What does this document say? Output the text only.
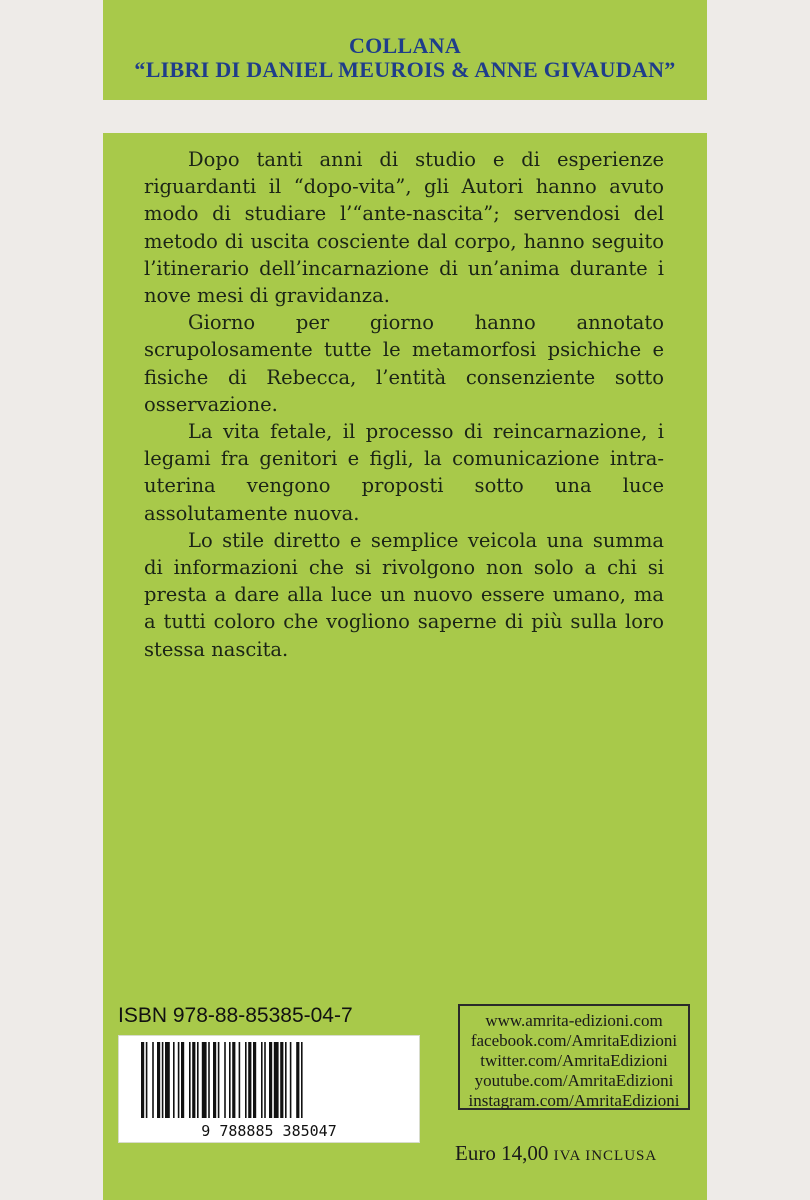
COLLANA
“LIBRI DI DANIEL MEUROIS & ANNE GIVAUDAN”

Dopo tanti anni di studio e di esperienze riguardanti il “dopo-vita”, gli Autori hanno avuto modo di studiare l’“ante-nascita”; servendosi del metodo di uscita cosciente dal corpo, hanno seguito l’itinerario dell’incarnazione di un’anima durante i nove mesi di gravidanza.

Giorno per giorno hanno annotato scrupolosamente tutte le metamorfosi psichiche e fisiche di Rebecca, l’entità consenziente sotto osservazione.

La vita fetale, il processo di reincarnazione, i legami fra genitori e figli, la comunicazione intra-uterina vengono proposti sotto una luce assolutamente nuova.

Lo stile diretto e semplice veicola una summa di informazioni che si rivolgono non solo a chi si presta a dare alla luce un nuovo essere umano, ma a tutti coloro che vogliono saperne di più sulla loro stessa nascita.

ISBN 978-88-85385-04-7
9 788885 385047
www.amrita-edizioni.com
facebook.com/AmritaEdizioni
twitter.com/AmritaEdizioni
youtube.com/AmritaEdizioni
instagram.com/AmritaEdizioni
Euro 14,00 IVA INCLUSA
